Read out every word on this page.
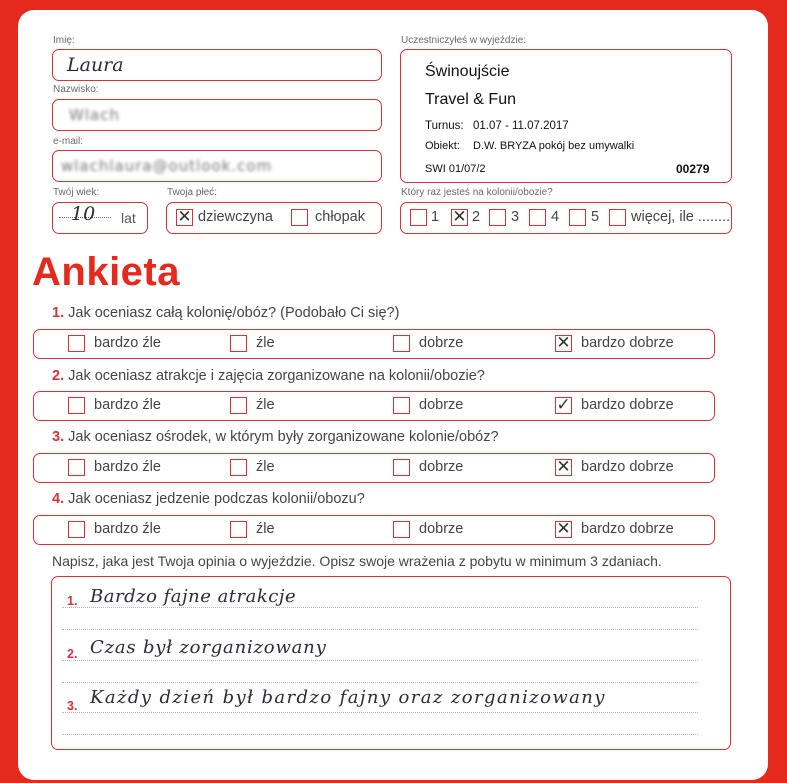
Imię:
Laura
Nazwisko:
Wlach
e-mail:
wlachlaura@outlook.com
Twój wiek:
10 lat
Twoja płeć:
✕ dziewczyna	chłopak
Uczestniczyłeś w wyjeździe:
Świnoujście
Travel & Fun
Turnus: 01.07 - 11.07.2017
Obiekt: D.W. BRYZA pokój bez umywalki
SWI 01/07/2	00279
Który raz jesteś na kolonii/obozie?
1 ✕ 2 3 4 5 więcej, ile ........
Ankieta
1. Jak oceniasz całą kolonię/obóz? (Podobało Ci się?)
bardzo źle	źle	dobrze	✕ bardzo dobrze
2. Jak oceniasz atrakcje i zajęcia zorganizowane na kolonii/obozie?
bardzo źle	źle	dobrze	✓ bardzo dobrze
3. Jak oceniasz ośrodek, w którym były zorganizowane kolonie/obóz?
bardzo źle	źle	dobrze	✕ bardzo dobrze
4. Jak oceniasz jedzenie podczas kolonii/obozu?
bardzo źle	źle	dobrze	✕ bardzo dobrze
Napisz, jaka jest Twoja opinia o wyjeździe. Opisz swoje wrażenia z pobytu w minimum 3 zdaniach.
1. Bardzo fajne atrakcje
2. Czas był zorganizowany
3. Każdy dzień był bardzo fajny oraz zorganizowany
